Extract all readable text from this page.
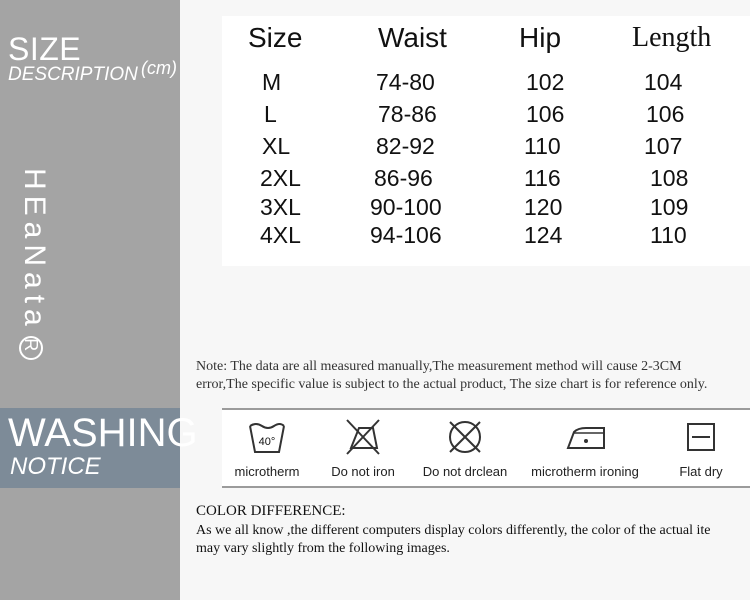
SIZE
DESCRIPTION (cm)
HEaNataR
WASHING
NOTICE
Size	Waist	Hip	Length
M	74-80	102	104
L	78-86	106	106
XL	82-92	110	107
2XL	86-96	116	108
3XL	90-100	120	109
4XL	94-106	124	110
Note: The data are all measured manually,The measurement method will cause 2-3CM
error,The specific value is subject to the actual product, The size chart is for reference only.
40°
microtherm	Do not iron	Do not drclean	microtherm ironing	Flat dry
COLOR DIFFERENCE:
As we all know ,the different computers display colors differently, the color of the actual ite
may vary slightly from the following images.
